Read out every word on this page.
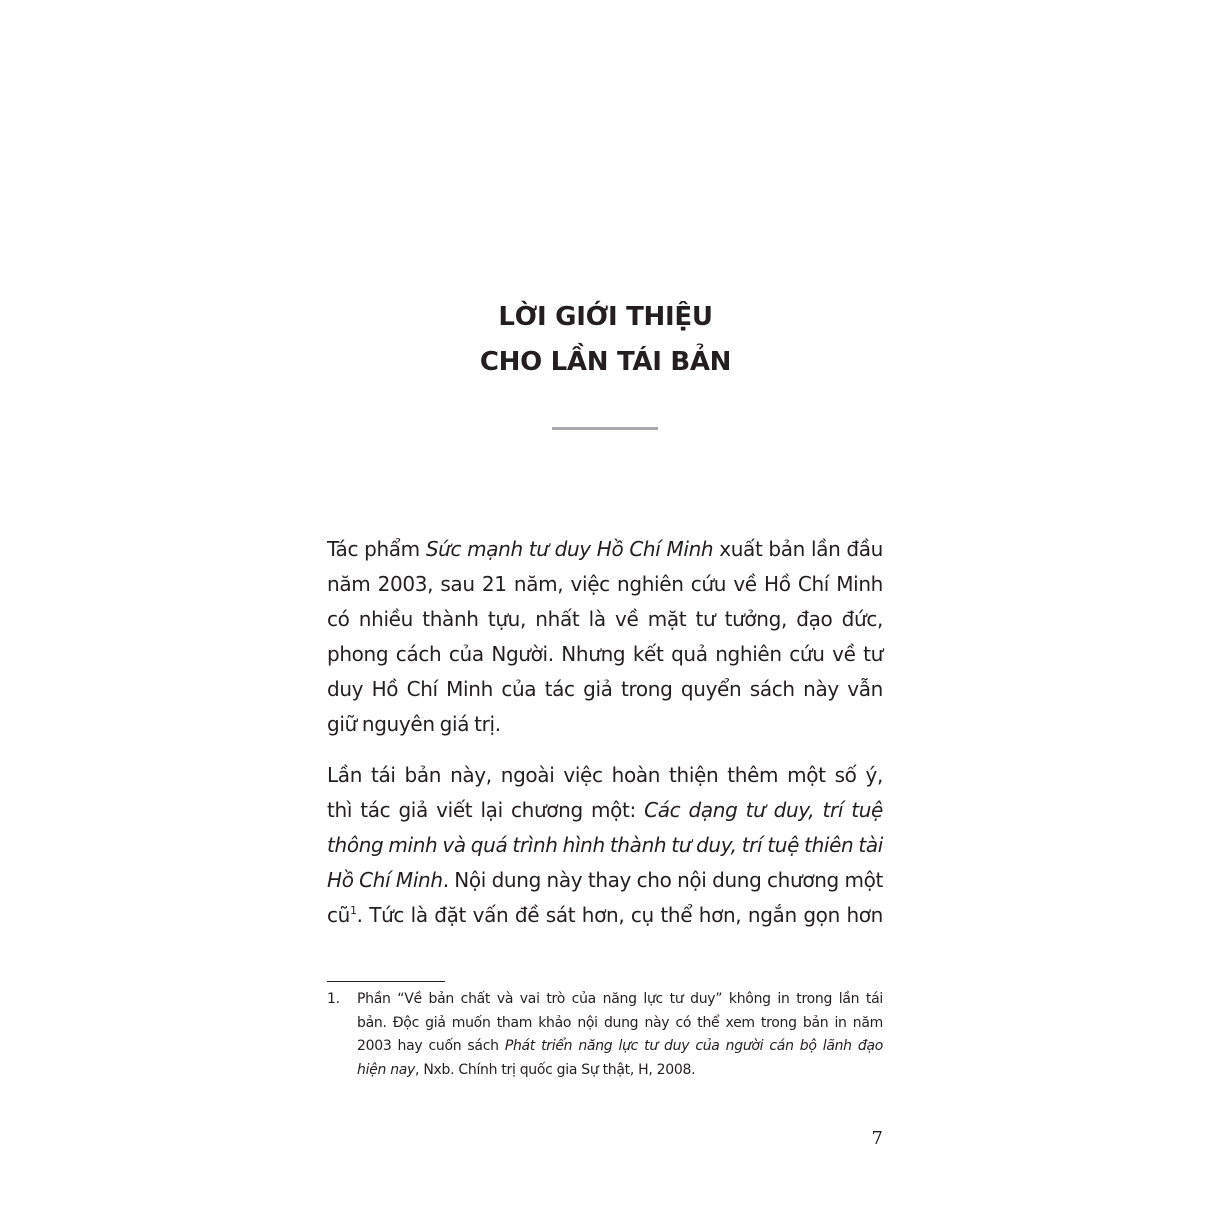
LỜI GIỚI THIỆU
CHO LẦN TÁI BẢN
Tác phẩm Sức mạnh tư duy Hồ Chí Minh xuất bản lần đầu
năm 2003, sau 21 năm, việc nghiên cứu về Hồ Chí Minh
có nhiều thành tựu, nhất là về mặt tư tưởng, đạo đức,
phong cách của Người. Nhưng kết quả nghiên cứu về tư
duy Hồ Chí Minh của tác giả trong quyển sách này vẫn
giữ nguyên giá trị.
Lần tái bản này, ngoài việc hoàn thiện thêm một số ý,
thì tác giả viết lại chương một: Các dạng tư duy, trí tuệ
thông minh và quá trình hình thành tư duy, trí tuệ thiên tài
Hồ Chí Minh. Nội dung này thay cho nội dung chương một
$cũ^1$. Tức là đặt vấn đề sát hơn, cụ thể hơn, ngắn gọn hơn
1. Phần “Về bản chất và vai trò của năng lực tư duy” không in trong lần tái
bản. Độc giả muốn tham khảo nội dung này có thể xem trong bản in năm
2003 hay cuốn sách Phát triển năng lực tư duy của người cán bộ lãnh đạo
hiện nay, Nxb. Chính trị quốc gia Sự thật, H, 2008.
7
